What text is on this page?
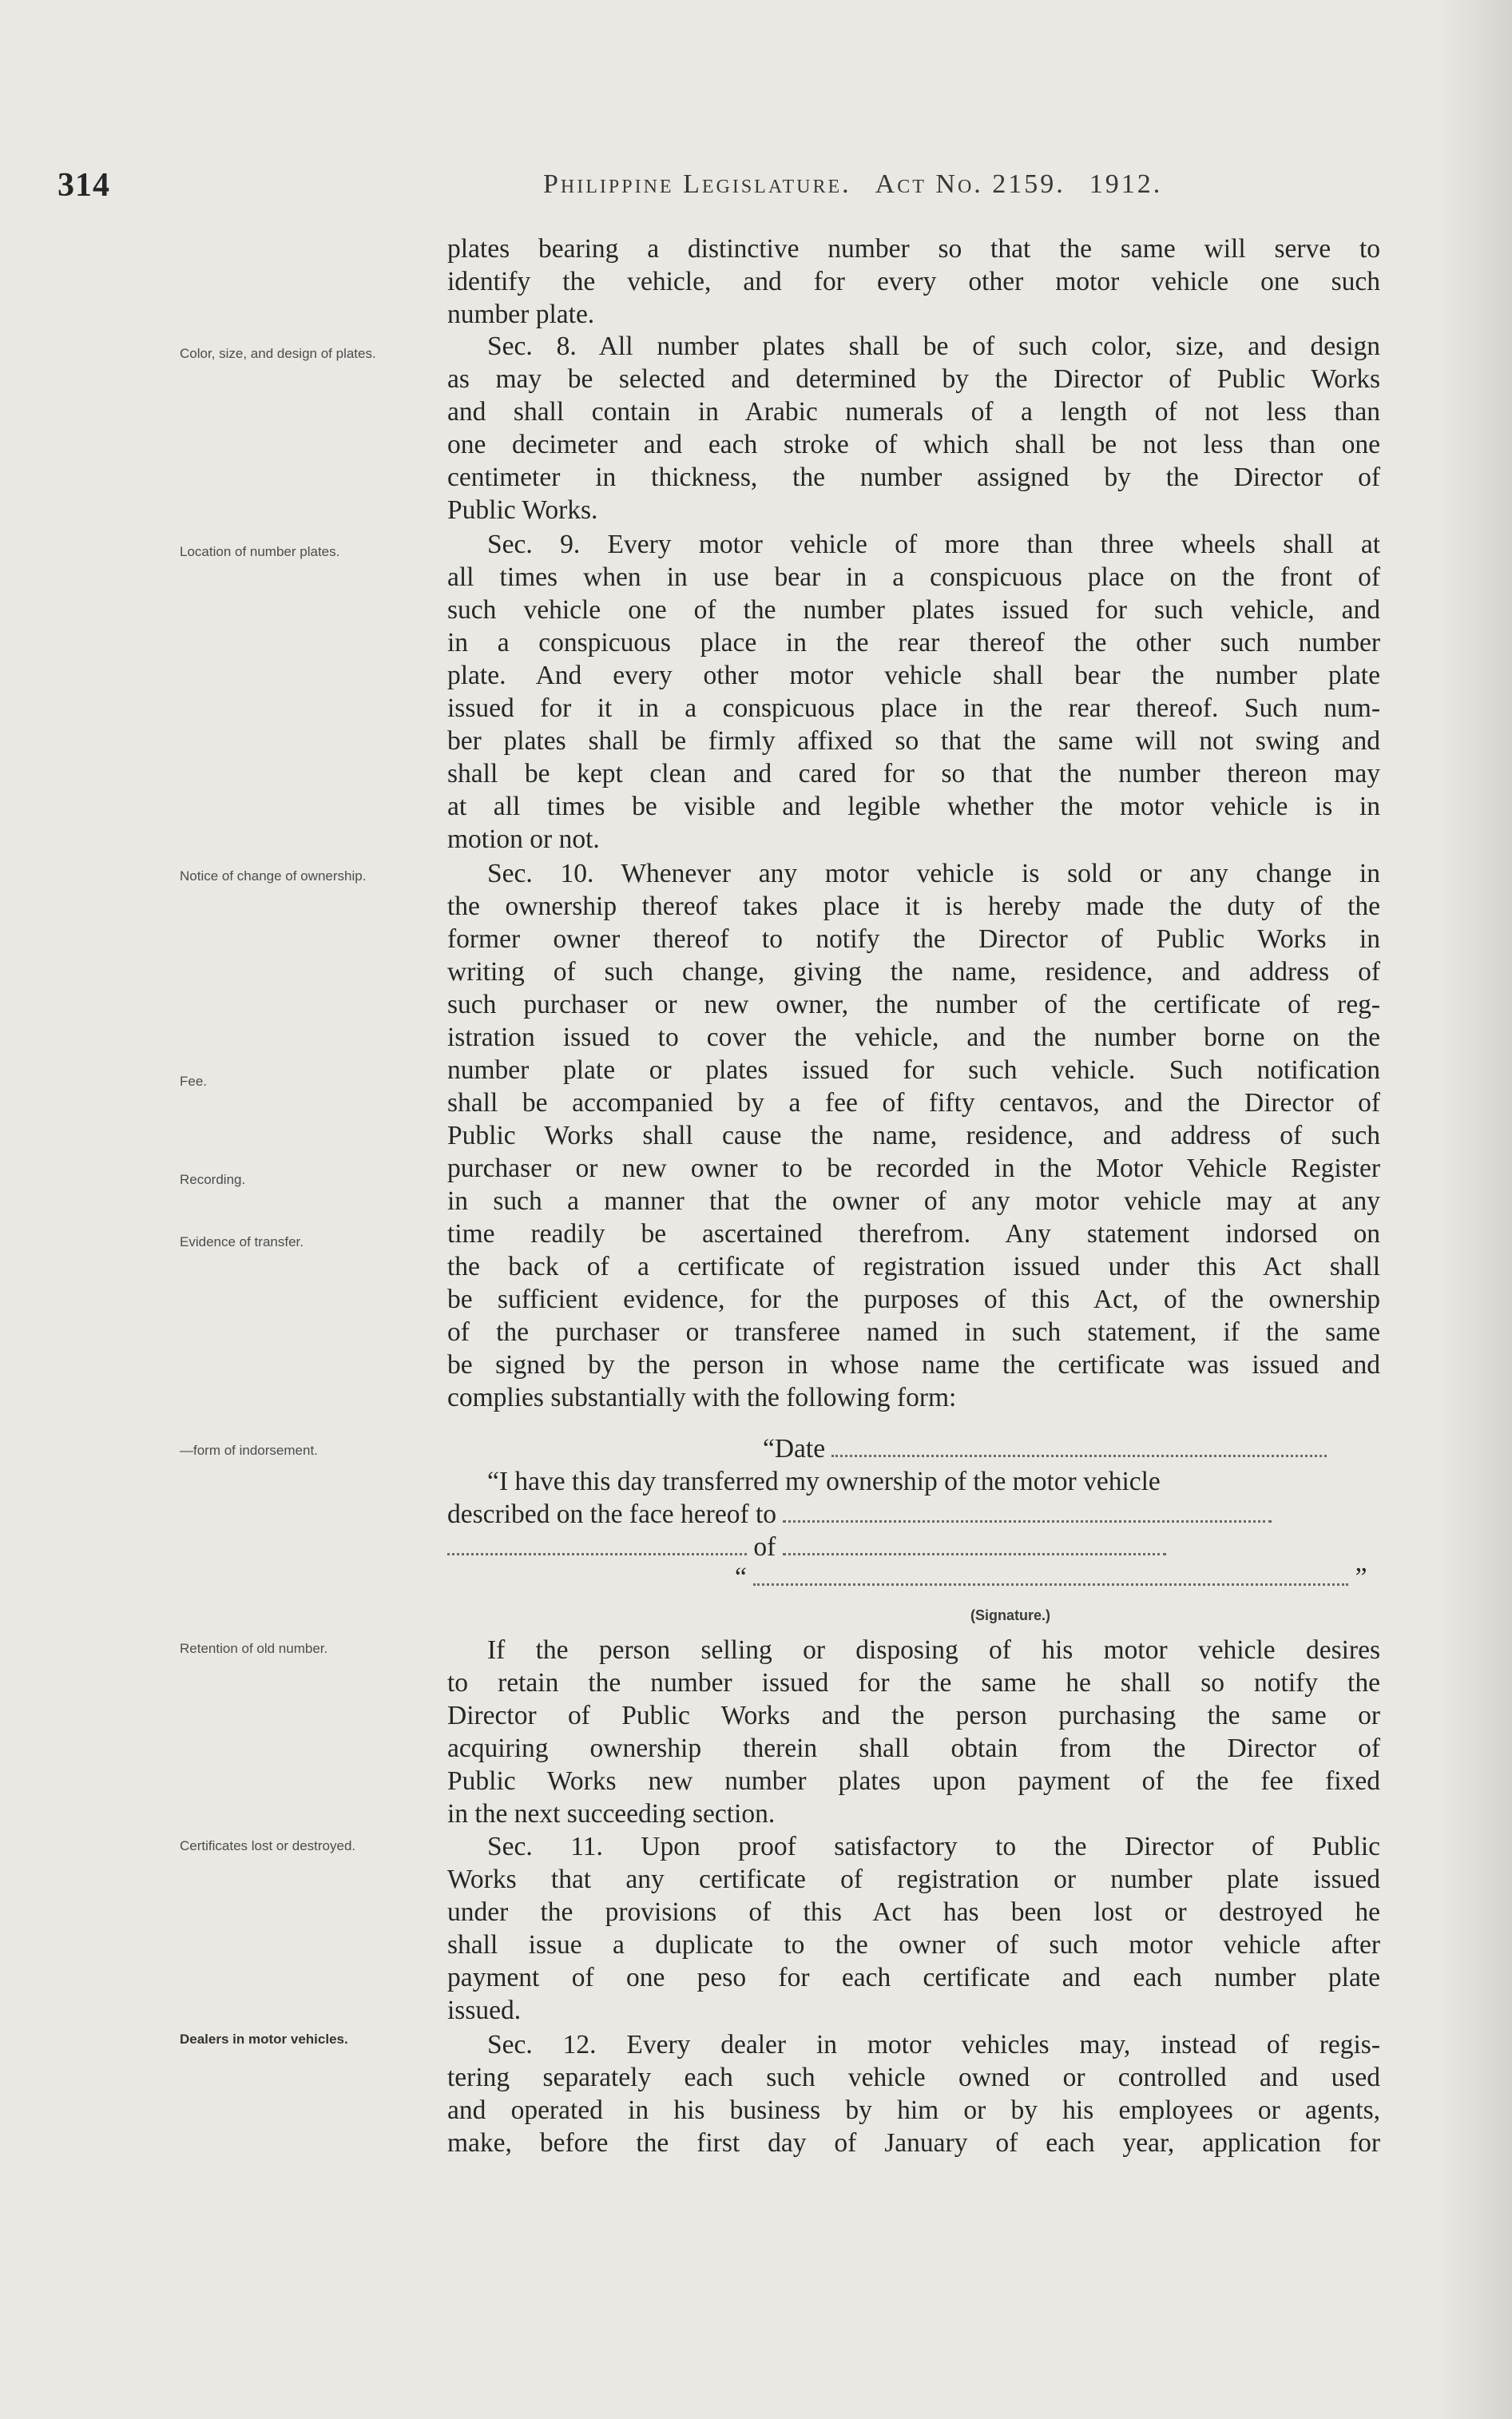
314	Philippine Legislature. Act No. 2159. 1912.
Color, size, and design of plates.
Location of number plates.
Notice of change of ownership.
Fee.
Recording.
Evidence of transfer.
—form of indorsement.
Retention of old number.
Certificates lost or destroyed.
Dealers in motor vehicles.
plates bearing a distinctive number so that the same will serve to
identify the vehicle, and for every other motor vehicle one such
number plate.
Sec. 8. All number plates shall be of such color, size, and design
as may be selected and determined by the Director of Public Works
and shall contain in Arabic numerals of a length of not less than
one decimeter and each stroke of which shall be not less than one
centimeter in thickness, the number assigned by the Director of
Public Works.
Sec. 9. Every motor vehicle of more than three wheels shall at
all times when in use bear in a conspicuous place on the front of
such vehicle one of the number plates issued for such vehicle, and
in a conspicuous place in the rear thereof the other such number
plate. And every other motor vehicle shall bear the number plate
issued for it in a conspicuous place in the rear thereof. Such num-
ber plates shall be firmly affixed so that the same will not swing and
shall be kept clean and cared for so that the number thereon may
at all times be visible and legible whether the motor vehicle is in
motion or not.
Sec. 10. Whenever any motor vehicle is sold or any change in
the ownership thereof takes place it is hereby made the duty of the
former owner thereof to notify the Director of Public Works in
writing of such change, giving the name, residence, and address of
such purchaser or new owner, the number of the certificate of reg-
istration issued to cover the vehicle, and the number borne on the
number plate or plates issued for such vehicle. Such notification
shall be accompanied by a fee of fifty centavos, and the Director of
Public Works shall cause the name, residence, and address of such
purchaser or new owner to be recorded in the Motor Vehicle Register
in such a manner that the owner of any motor vehicle may at any
time readily be ascertained therefrom. Any statement indorsed on
the back of a certificate of registration issued under this Act shall
be sufficient evidence, for the purposes of this Act, of the ownership
of the purchaser or transferee named in such statement, if the same
be signed by the person in whose name the certificate was issued and
complies substantially with the following form:
“Date
“I have this day transferred my ownership of the motor vehicle
described on the face hereof to
of
“	”
(Signature.)
If the person selling or disposing of his motor vehicle desires
to retain the number issued for the same he shall so notify the
Director of Public Works and the person purchasing the same or
acquiring ownership therein shall obtain from the Director of
Public Works new number plates upon payment of the fee fixed
in the next succeeding section.
Sec. 11. Upon proof satisfactory to the Director of Public
Works that any certificate of registration or number plate issued
under the provisions of this Act has been lost or destroyed he
shall issue a duplicate to the owner of such motor vehicle after
payment of one peso for each certificate and each number plate
issued.
Sec. 12. Every dealer in motor vehicles may, instead of regis-
tering separately each such vehicle owned or controlled and used
and operated in his business by him or by his employees or agents,
make, before the first day of January of each year, application for
